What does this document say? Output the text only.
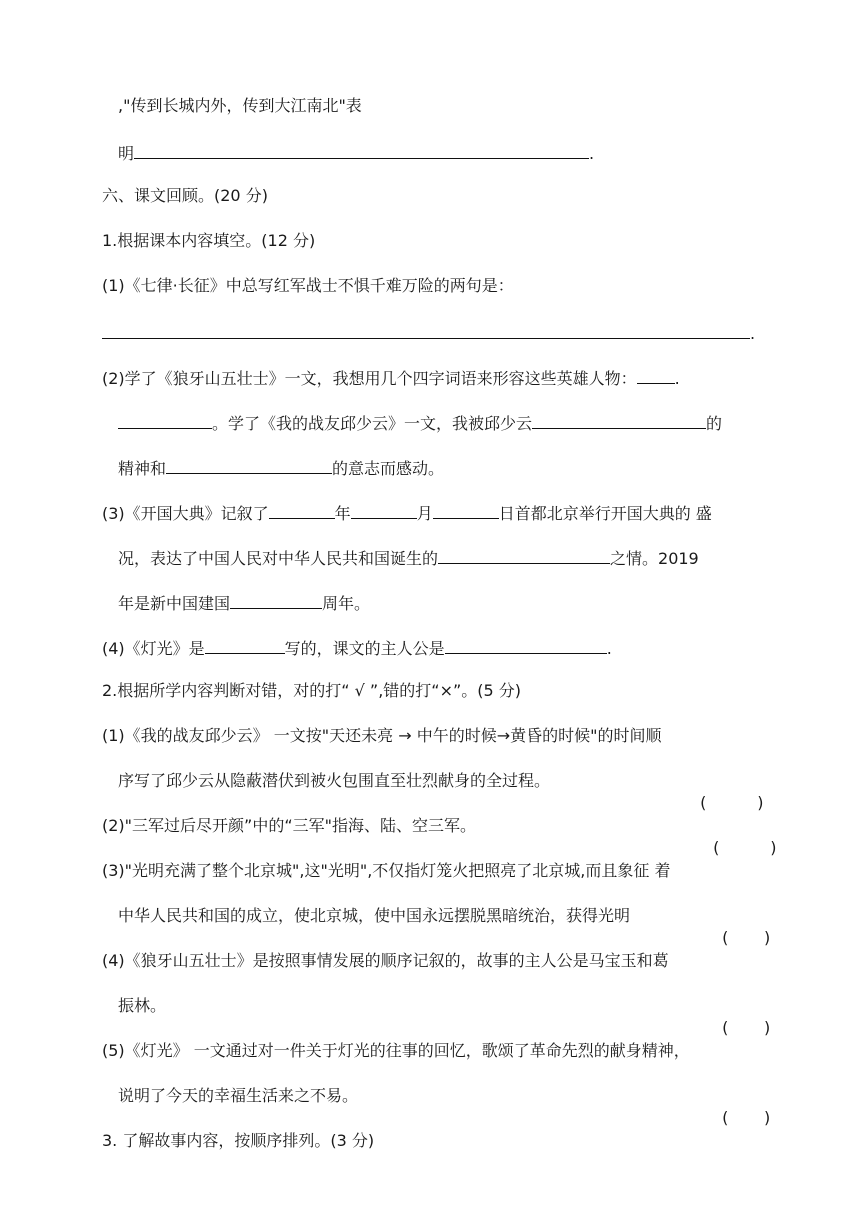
,"传到长城内外，传到大江南北"表
明	.
六、课文回顾。(20 分)
1.根据课本内容填空。(12 分)
(1)《七律·长征》中总写红军战士不惧千难万险的两句是：
.
(2)学了《狼牙山五壮士》一文，我想用几个四字词语来形容这些英雄人物： .
。学了《我的战友邱少云》一文，我被邱少云	的
精神和	的意志而感动。
(3)《开国大典》记叙了	年	月	日首都北京举行开国大典的 盛
况，表达了中国人民对中华人民共和国诞生的	之情。2019
年是新中国建国	周年。
(4)《灯光》是	写的，课文的主人公是	.
2.根据所学内容判断对错，对的打“ √ ”,错的打“×”。(5 分)
(1)《我的战友邱少云》 一文按"天还未亮 → 中午的时候→黄昏的时候"的时间顺
序写了邱少云从隐蔽潜伏到被火包围直至壮烈献身的全过程。

(          )

(2)"三军过后尽开颜”中的“三军"指海、陆、空三军。

(          )

(3)"光明充满了整个北京城",这"光明",不仅指灯笼火把照亮了北京城,而且象征 着
中华人民共和国的成立，使北京城，使中国永远摆脱黑暗统治，获得光明

(       )

(4)《狼牙山五壮士》是按照事情发展的顺序记叙的，故事的主人公是马宝玉和葛
振林。

(       )

(5)《灯光》 一文通过对一件关于灯光的往事的回忆，歌颂了革命先烈的献身精神，
说明了今天的幸福生活来之不易。

(       )

3. 了解故事内容，按顺序排列。(3 分)
